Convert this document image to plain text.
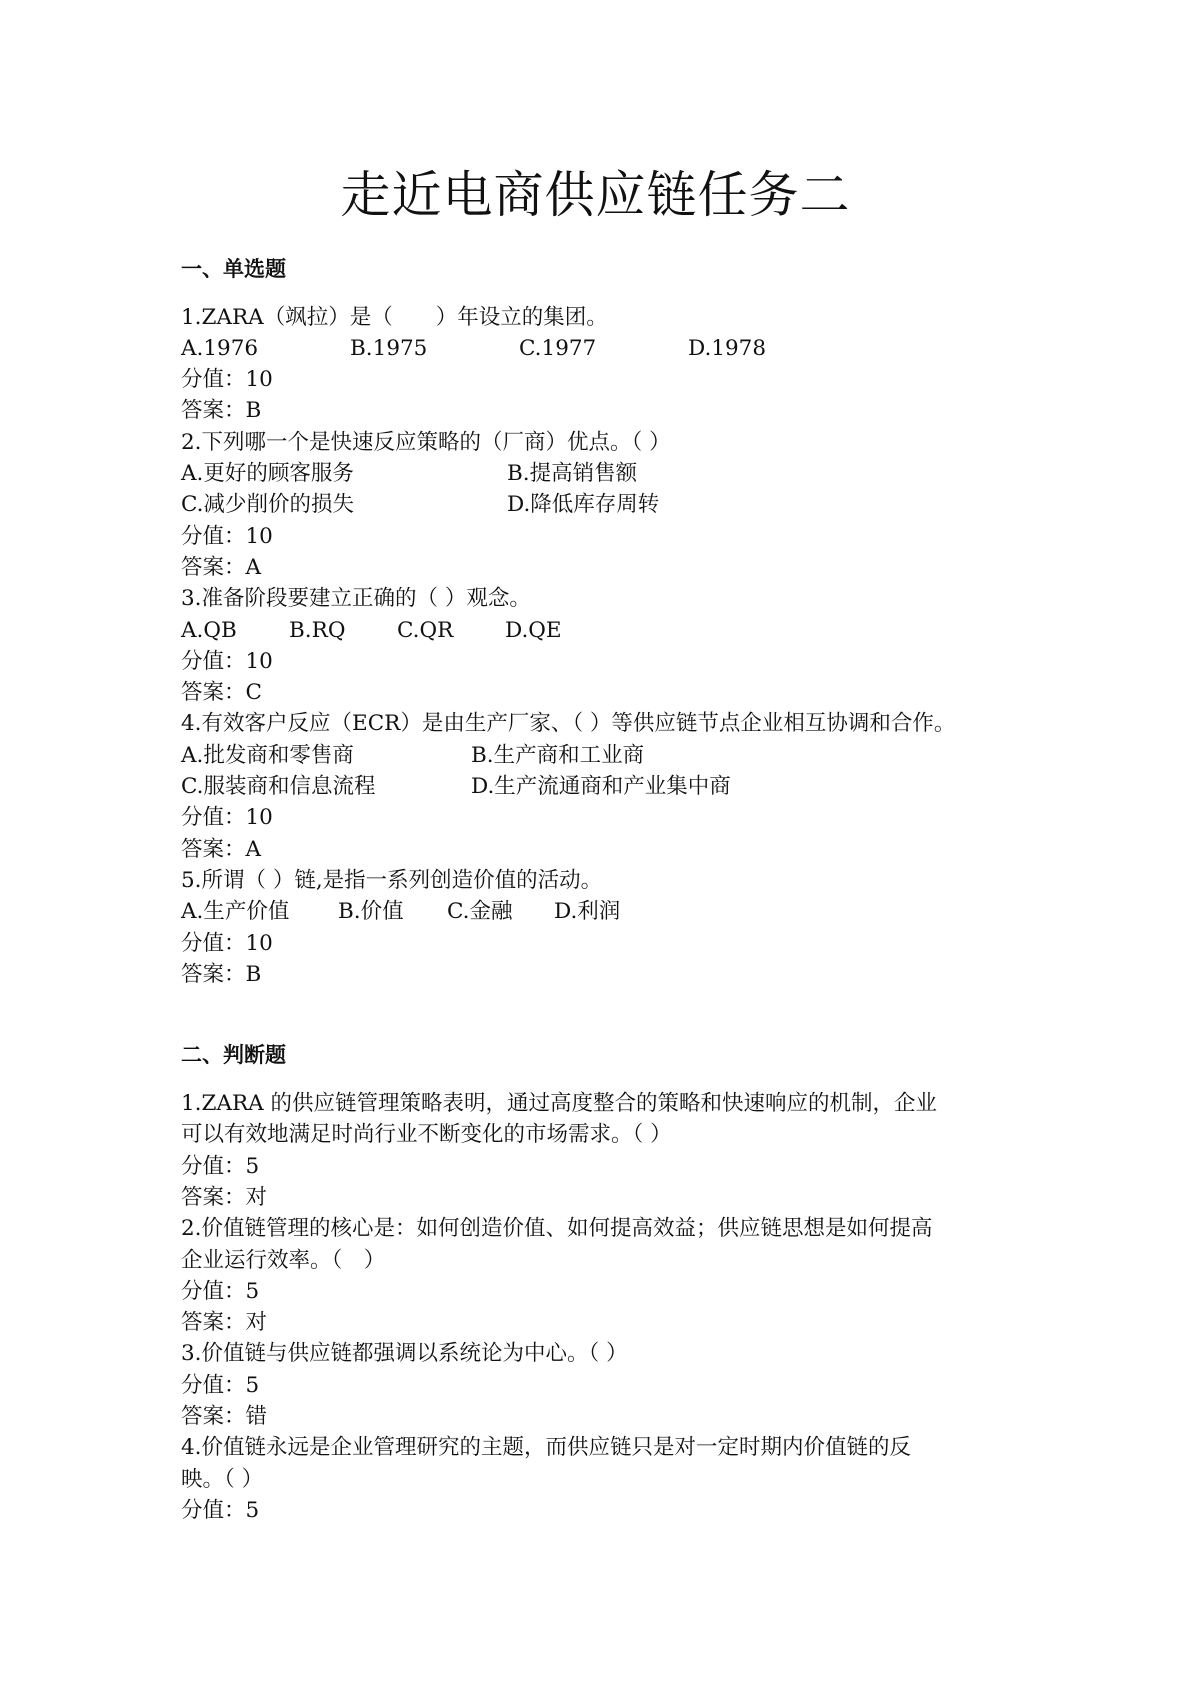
走近电商供应链任务二
一、单选题
1.ZARA（飒拉）是（　　）年设立的集团。
A.1976	B.1975	C.1977	D.1978
分值：10
答案：B
2.下列哪一个是快速反应策略的（厂商）优点。（ ）
A.更好的顾客服务	B.提高销售额
C.减少削价的损失	D.降低库存周转
分值：10
答案：A
3.准备阶段要建立正确的（ ）观念。
A.QB B.RQ C.QR D.QE
分值：10
答案：C
4.有效客户反应（ECR）是由生产厂家、（ ）等供应链节点企业相互协调和合作。
A.批发商和零售商	B.生产商和工业商
C.服装商和信息流程	D.生产流通商和产业集中商
分值：10
答案：A
5.所谓（ ）链,是指一系列创造价值的活动。
A.生产价值 B.价值 C.金融 D.利润
分值：10
答案：B
二、判断题
1.ZARA 的供应链管理策略表明，通过高度整合的策略和快速响应的机制，企业
可以有效地满足时尚行业不断变化的市场需求。（ ）
分值：5
答案：对
2.价值链管理的核心是：如何创造价值、如何提高效益；供应链思想是如何提高
企业运行效率。（　）
分值：5
答案：对
3.价值链与供应链都强调以系统论为中心。（ ）
分值：5
答案：错
4.价值链永远是企业管理研究的主题，而供应链只是对一定时期内价值链的反
映。（ ）
分值：5
